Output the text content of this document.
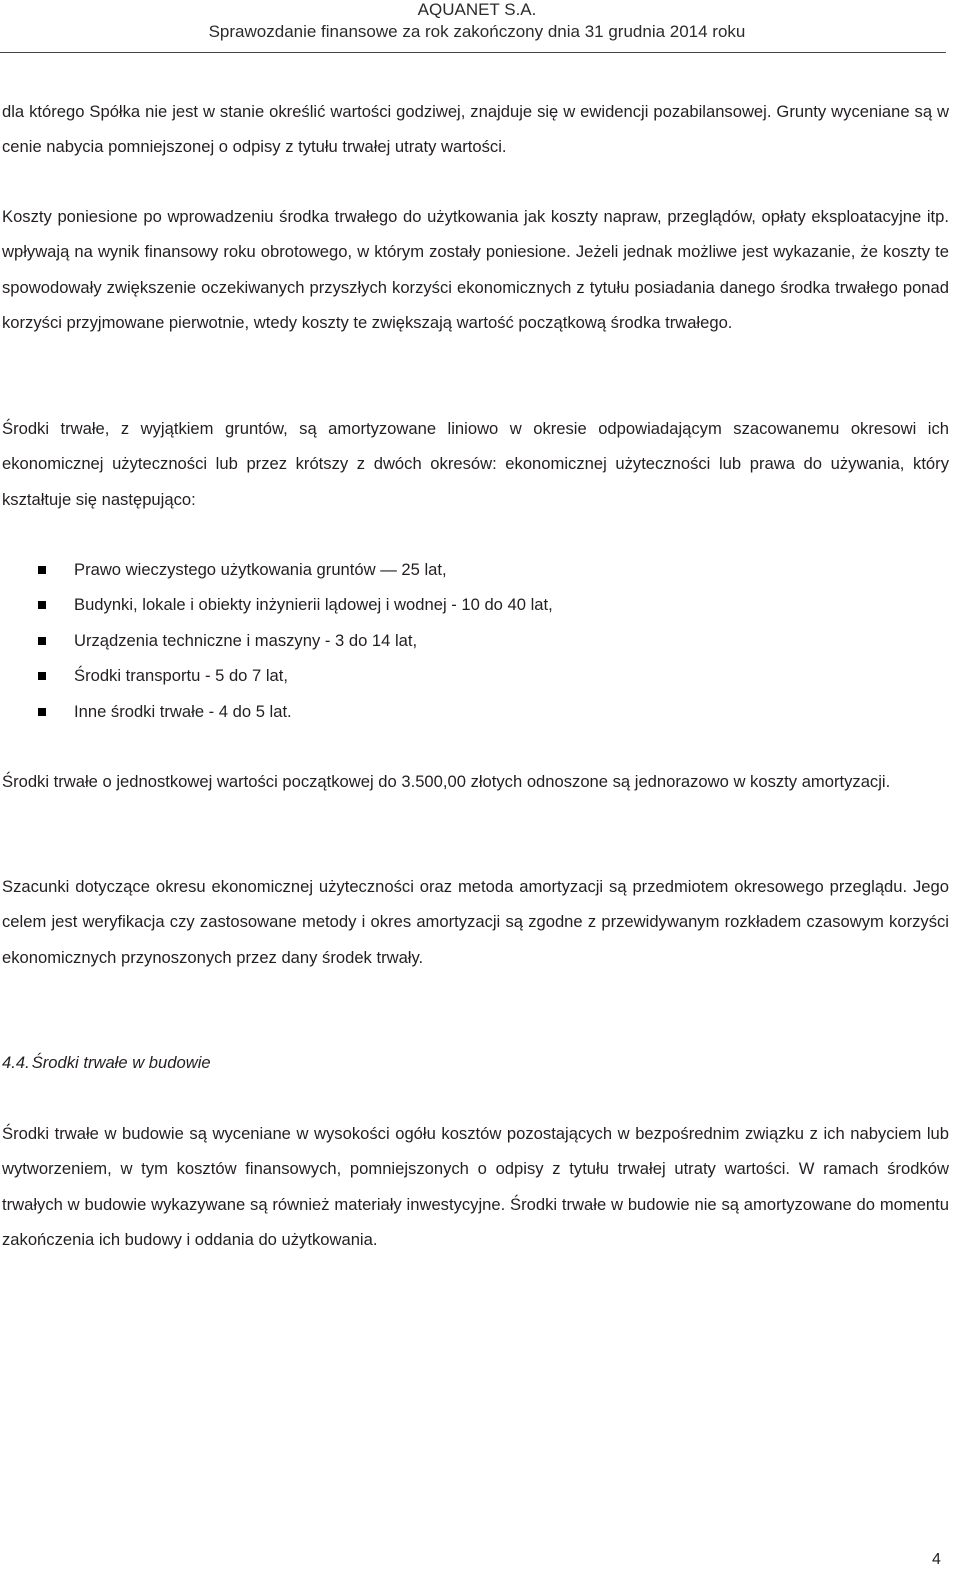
AQUANET S.A.
Sprawozdanie finansowe za rok zakończony dnia 31 grudnia 2014 roku

dla którego Spółka nie jest w stanie określić wartości godziwej, znajduje się w ewidencji pozabilansowej. Grunty wyceniane są w cenie nabycia pomniejszonej o odpisy z tytułu trwałej utraty wartości.

Koszty poniesione po wprowadzeniu środka trwałego do użytkowania jak koszty napraw, przeglądów, opłaty eksploatacyjne itp. wpływają na wynik finansowy roku obrotowego, w którym zostały poniesione. Jeżeli jednak możliwe jest wykazanie, że koszty te spowodowały zwiększenie oczekiwanych przyszłych korzyści ekonomicznych z tytułu posiadania danego środka trwałego ponad korzyści przyjmowane pierwotnie, wtedy koszty te zwiększają wartość początkową środka trwałego.

Środki trwałe, z wyjątkiem gruntów, są amortyzowane liniowo w okresie odpowiadającym szacowanemu okresowi ich ekonomicznej użyteczności lub przez krótszy z dwóch okresów: ekonomicznej użyteczności lub prawa do używania, który kształtuje się następująco:

Prawo wieczystego użytkowania gruntów — 25 lat,
Budynki, lokale i obiekty inżynierii lądowej i wodnej - 10 do 40 lat,
Urządzenia techniczne i maszyny - 3 do 14 lat,
Środki transportu - 5 do 7 lat,
Inne środki trwałe - 4 do 5 lat.

Środki trwałe o jednostkowej wartości początkowej do 3.500,00 złotych odnoszone są jednorazowo w koszty amortyzacji.

Szacunki dotyczące okresu ekonomicznej użyteczności oraz metoda amortyzacji są przedmiotem okresowego przeglądu. Jego celem jest weryfikacja czy zastosowane metody i okres amortyzacji są zgodne z przewidywanym rozkładem czasowym korzyści ekonomicznych przynoszonych przez dany środek trwały.

4.4. Środki trwałe w budowie

Środki trwałe w budowie są wyceniane w wysokości ogółu kosztów pozostających w bezpośrednim związku z ich nabyciem lub wytworzeniem, w tym kosztów finansowych, pomniejszonych o odpisy z tytułu trwałej utraty wartości. W ramach środków trwałych w budowie wykazywane są również materiały inwestycyjne. Środki trwałe w budowie nie są amortyzowane do momentu zakończenia ich budowy i oddania do użytkowania.

4
